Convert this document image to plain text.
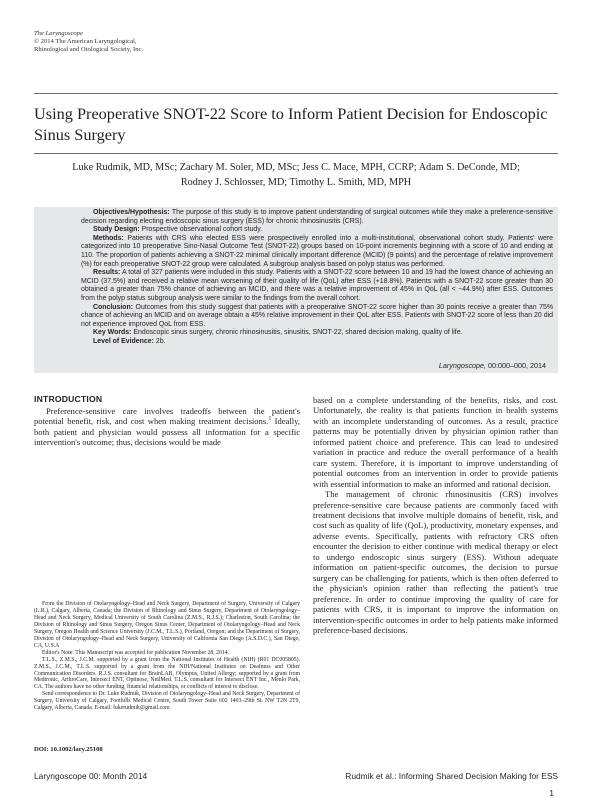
The Laryngoscope
© 2014 The American Laryngological,
Rhinological and Otological Society, Inc.
Using Preoperative SNOT-22 Score to Inform Patient Decision for Endoscopic Sinus Surgery
Luke Rudmik, MD, MSc; Zachary M. Soler, MD, MSc; Jess C. Mace, MPH, CCRP; Adam S. DeConde, MD;
Rodney J. Schlosser, MD; Timothy L. Smith, MD, MPH

Objectives/Hypothesis: The purpose of this study is to improve patient understanding of surgical outcomes while they make a preference-sensitive decision regarding electing endoscopic sinus surgery (ESS) for chronic rhinosinusitis (CRS).

Study Design: Prospective observational cohort study.

Methods: Patients with CRS who elected ESS were prospectively enrolled into a multi-institutional, observational cohort study. Patients' were categorized into 10 preoperative Sino-Nasal Outcome Test (SNOT-22) groups based on 10-point increments beginning with a score of 10 and ending at 110. The proportion of patients achieving a SNOT-22 minimal clinically important difference (MCID) (9 points) and the percentage of relative improvement (%) for each preoperative SNOT-22 group were calculated. A subgroup analysis based on polyp status was performed.

Results: A total of 327 patients were included in this study. Patients with a SNOT-22 score between 10 and 19 had the lowest chance of achieving an MCID (37.5%) and received a relative mean worsening of their quality of life (QoL) after ESS (+18.8%). Patients with a SNOT-22 score greater than 30 obtained a greater than 75% chance of achieving an MCID, and there was a relative improvement of 45% in QoL (all < −44.9%) after ESS. Outcomes from the polyp status subgroup analysis were similar to the findings from the overall cohort.

Conclusion: Outcomes from this study suggest that patients with a preoperative SNOT-22 score higher than 30 points receive a greater than 75% chance of achieving an MCID and on average obtain a 45% relative improvement in their QoL after ESS. Patients with SNOT-22 score of less than 20 did not experience improved QoL from ESS.

Key Words: Endoscopic sinus surgery, chronic rhinosinusitis, sinusitis, SNOT-22, shared decision making, quality of life.

Level of Evidence: 2b.

Laryngoscope, 00:000–000, 2014
INTRODUCTION

Preference-sensitive care involves tradeoffs between the patient's potential benefit, risk, and cost when making treatment decisions.$^1$ Ideally, both patient and physician would possess all information for a specific intervention's outcome; thus, decisions would be made

From the Division of Otolaryngology–Head and Neck Surgery, Department of Surgery, University of Calgary (L.R.), Calgary, Alberta, Canada; the Division of Rhinology and Sinus Surgery, Department of Otolaryngology–Head and Neck Surgery, Medical University of South Carolina (Z.M.S., R.J.S.); Charleston, South Carolina; the Division of Rhinology and Sinus Surgery, Oregon Sinus Center, Department of Otolaryngology–Head and Neck Surgery, Oregon Health and Science University (J.C.M., T.L.S.), Portland, Oregon; and the Department of Surgery, Division of Otolaryngology–Head and Neck Surgery, University of California San Diego (A.S.D.C.), San Diego, CA, U.S.A

Editor's Note: This Manuscript was accepted for publication November 28, 2014.

T.L.S., Z.M.S., J.C.M. supported by a grant from the National Institutes of Health (NIH) (R01 DC005805). Z.M.S., J.C.M., T.L.S. supported by a grant from the NIH/National Institutes on Deafness and Other Communication Disorders. R.J.S. consultant for BrainLAB, Olympus, United Allergy; supported by a grant from Medtronic, ArthroCare, Intersect ENT, Optinose, NeilMed. T.L.S. consultant for Intersect ENT Inc., Menlo Park, CA. The authors have no other funding, financial relationships, or conflicts of interest to disclose.

Send correspondence to Dr. Luke Rudmik, Division of Otolaryngology–Head and Neck Surgery, Department of Surgery, University of Calgary, Foothills Medical Centre, South Tower Suite 602 1403–29th St. NW T2N 2T9, Calgary, Alberta, Canada. E-mail: lukerudmik@gmail.com

DOI: 10.1002/lary.25108

based on a complete understanding of the benefits, risks, and cost. Unfortunately, the reality is that patients function in health systems with an incomplete understanding of outcomes. As a result, practice patterns may be potentially driven by physician opinion rather than informed patient choice and preference. This can lead to undesired variation in practice and reduce the overall performance of a health care system. Therefore, it is important to improve understanding of potential outcomes from an intervention in order to provide patients with essential information to make an informed and rational decision.

The management of chronic rhinosinusitis (CRS) involves preference-sensitive care because patients are commonly faced with treatment decisions that involve multiple domains of benefit, risk, and cost such as quality of life (QoL), productivity, monetary expenses, and adverse events. Specifically, patients with refractory CRS often encounter the decision to either continue with medical therapy or elect to undergo endoscopic sinus surgery (ESS). Without adequate information on patient-specific outcomes, the decision to pursue surgery can be challenging for patients, which is then often deferred to the physician's opinion rather than reflecting the patient's true preference. In order to continue improving the quality of care for patients with CRS, it is important to improve the information on intervention-specific outcomes in order to help patients make informed preference-based decisions.

Laryngoscope 00: Month 2014	Rudmik et al.: Informing Shared Decision Making for ESS
1
